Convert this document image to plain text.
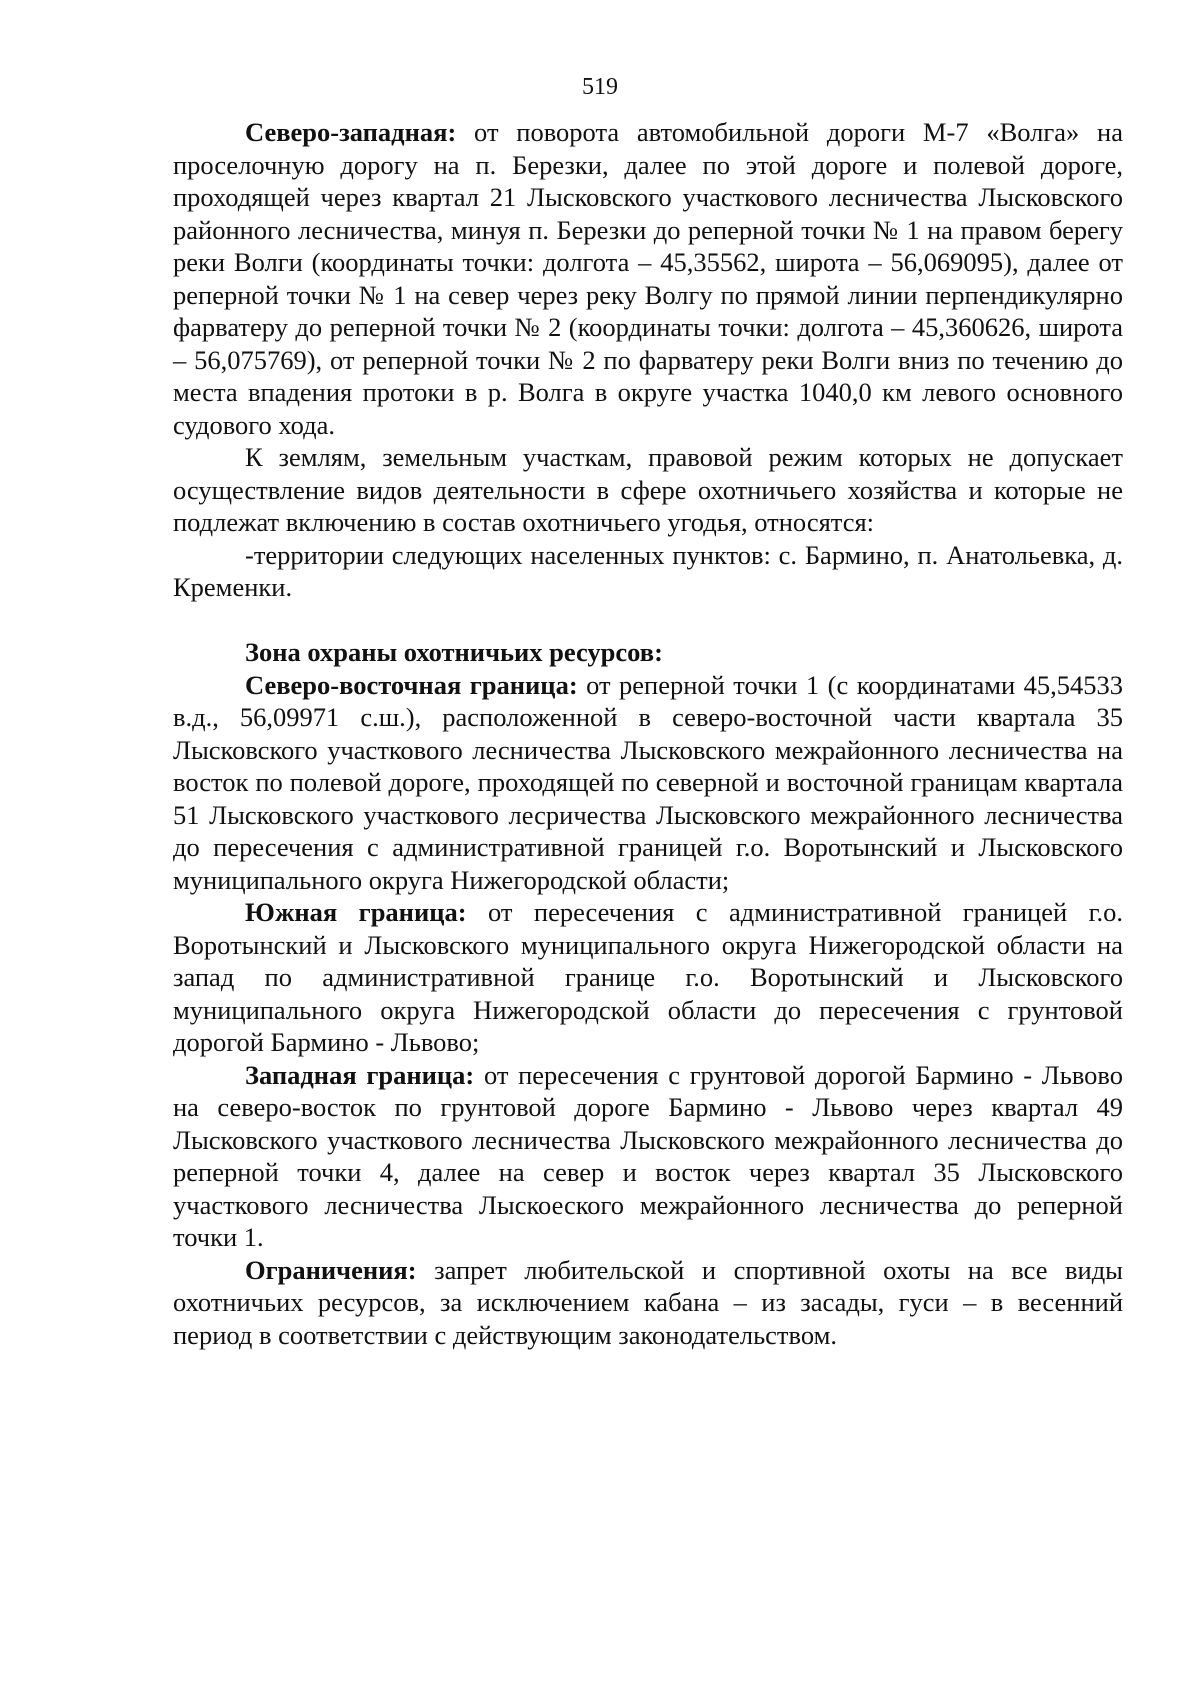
519

Северо-западная: от поворота автомобильной дороги М-7 «Волга» на проселочную дорогу на п. Березки, далее по этой дороге и полевой дороге, проходящей через квартал 21 Лысковского участкового лесничества Лысковского районного лесничества, минуя п. Березки до реперной точки № 1 на правом берегу реки Волги (координаты точки: долгота – 45,35562, широта – 56,069095), далее от реперной точки № 1 на север через реку Волгу по прямой линии перпендикулярно фарватеру до реперной точки № 2 (координаты точки: долгота – 45,360626, широта – 56,075769), от реперной точки № 2 по фарватеру реки Волги вниз по течению до места впадения протоки в р. Волга в округе участка 1040,0 км левого основного судового хода.

К землям, земельным участкам, правовой режим которых не допускает осуществление видов деятельности в сфере охотничьего хозяйства и которые не подлежат включению в состав охотничьего угодья, относятся:

-территории следующих населенных пунктов: с. Бармино, п. Анатольевка, д. Кременки.

Зона охраны охотничьих ресурсов:

Северо-восточная граница: от реперной точки 1 (с координатами 45,54533 в.д., 56,09971 с.ш.), расположенной в северо-восточной части квартала 35 Лысковского участкового лесничества Лысковского межрайонного лесничества на восток по полевой дороге, проходящей по северной и восточной границам квартала 51 Лысковского участкового лесричества Лысковского межрайонного лесничества до пересечения с административной границей г.о. Воротынский и Лысковского муниципального округа Нижегородской области;

Южная граница: от пересечения с административной границей г.о. Воротынский и Лысковского муниципального округа Нижегородской области на запад по административной границе г.о. Воротынский и Лысковского муниципального округа Нижегородской области до пересечения с грунтовой дорогой Бармино - Львово;

Западная граница: от пересечения с грунтовой дорогой Бармино - Львово на северо-восток по грунтовой дороге Бармино - Львово через квартал 49 Лысковского участкового лесничества Лысковского межрайонного лесничества до реперной точки 4, далее на север и восток через квартал 35 Лысковского участкового лесничества Лыскоеского межрайонного лесничества до реперной точки 1.

Ограничения: запрет любительской и спортивной охоты на все виды охотничьих ресурсов, за исключением кабана – из засады, гуси – в весенний период в соответствии с действующим законодательством.
